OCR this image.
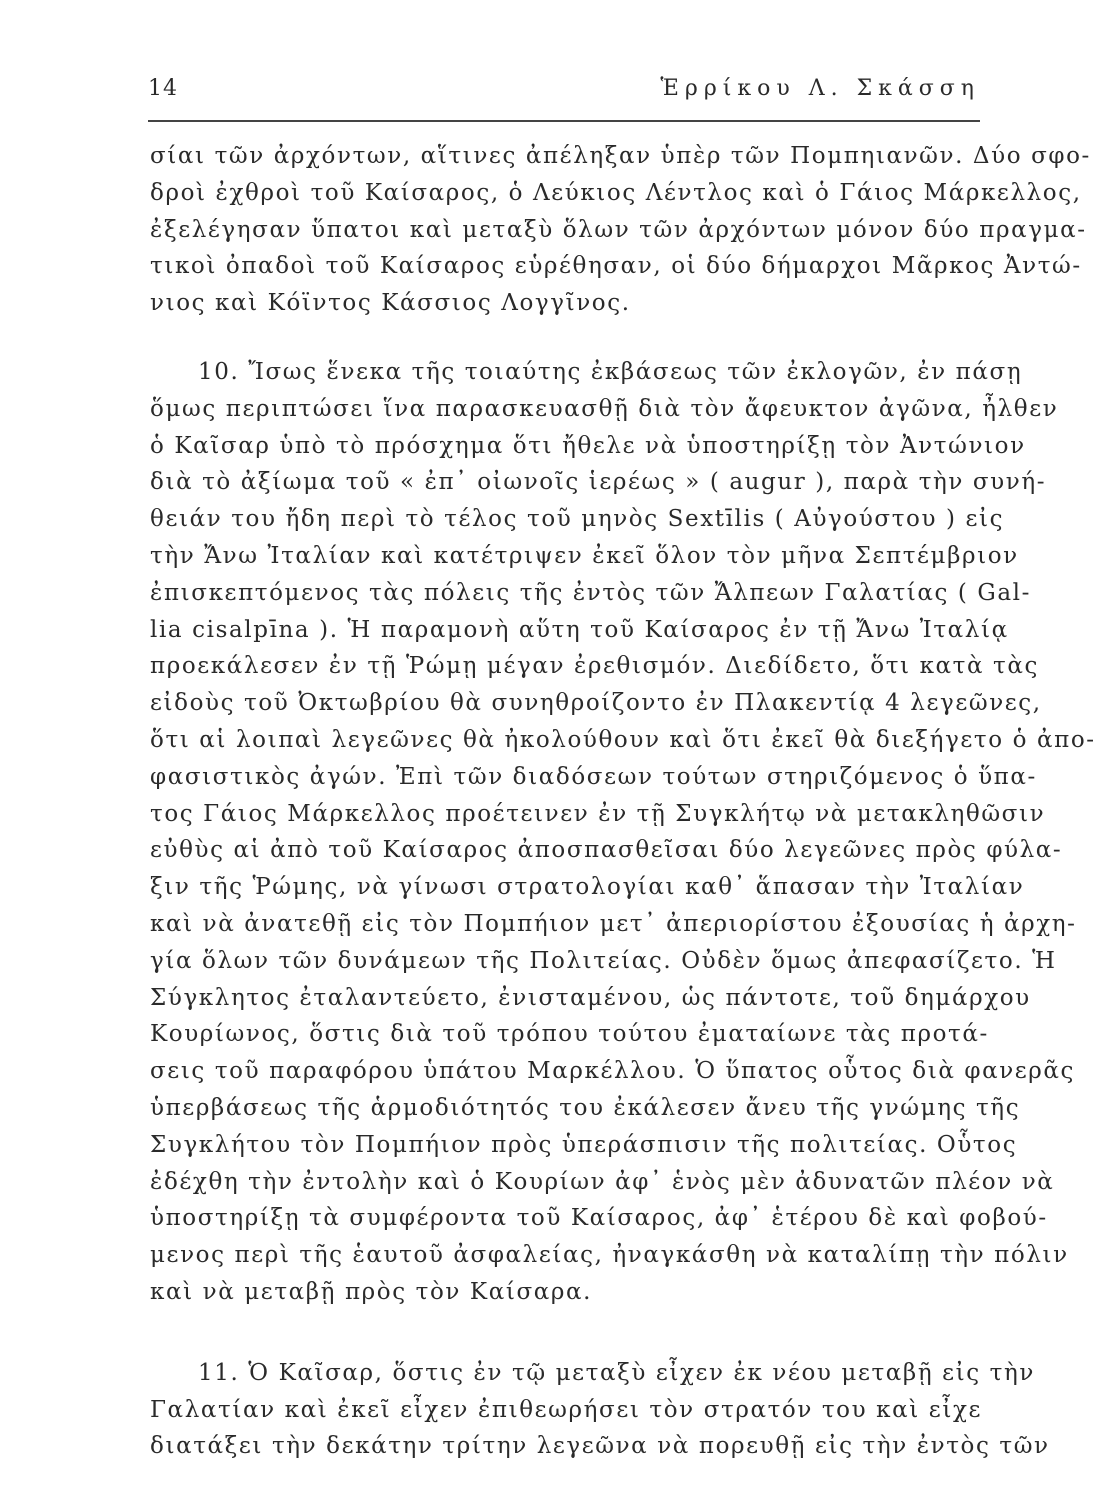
14	Ἑρρίκου Λ. Σκάσση
σίαι τῶν ἀρχόντων, αἵτινες ἀπέληξαν ὑπὲρ τῶν Πομπηιανῶν. Δύο σφο-
δροὶ ἐχθροὶ τοῦ Καίσαρος, ὁ Λεύκιος Λέντλος καὶ ὁ Γάιος Μάρκελλος,
ἐξελέγησαν ὕπατοι καὶ μεταξὺ ὅλων τῶν ἀρχόντων μόνον δύο πραγμα-
τικοὶ ὀπαδοὶ τοῦ Καίσαρος εὑρέθησαν, οἱ δύο δήμαρχοι Μᾶρκος Ἀντώ-
νιος καὶ Κόϊντος Κάσσιος Λογγῖνος.
10. Ἴσως ἕνεκα τῆς τοιαύτης ἐκβάσεως τῶν ἐκλογῶν, ἐν πάσῃ
ὅμως περιπτώσει ἵνα παρασκευασθῇ διὰ τὸν ἄφευκτον ἀγῶνα, ἦλθεν
ὁ Καῖσαρ ὑπὸ τὸ πρόσχημα ὅτι ἤθελε νὰ ὑποστηρίξῃ τὸν Ἀντώνιον
διὰ τὸ ἀξίωμα τοῦ « ἐπ᾽ οἰωνοῖς ἱερέως » ( augur ), παρὰ τὴν συνή-
θειάν του ἤδη περὶ τὸ τέλος τοῦ μηνὸς Sextīlis ( Αὐγούστου ) εἰς
τὴν Ἄνω Ἰταλίαν καὶ κατέτριψεν ἐκεῖ ὅλον τὸν μῆνα Σεπτέμβριον
ἐπισκεπτόμενος τὰς πόλεις τῆς ἐντὸς τῶν Ἄλπεων Γαλατίας ( Gal-
lia cisalpīna ). Ἡ παραμονὴ αὕτη τοῦ Καίσαρος ἐν τῇ Ἄνω Ἰταλίᾳ
προεκάλεσεν ἐν τῇ Ῥώμῃ μέγαν ἐρεθισμόν. Διεδίδετο, ὅτι κατὰ τὰς
εἰδοὺς τοῦ Ὀκτωβρίου θὰ συνηθροίζοντο ἐν Πλακεντίᾳ 4 λεγεῶνες,
ὅτι αἱ λοιπαὶ λεγεῶνες θὰ ἠκολούθουν καὶ ὅτι ἐκεῖ θὰ διεξήγετο ὁ ἀπο-
φασιστικὸς ἀγών. Ἐπὶ τῶν διαδόσεων τούτων στηριζόμενος ὁ ὕπα-
τος Γάιος Μάρκελλος προέτεινεν ἐν τῇ Συγκλήτῳ νὰ μετακληθῶσιν
εὐθὺς αἱ ἀπὸ τοῦ Καίσαρος ἀποσπασθεῖσαι δύο λεγεῶνες πρὸς φύλα-
ξιν τῆς Ῥώμης, νὰ γίνωσι στρατολογίαι καθ᾽ ἅπασαν τὴν Ἰταλίαν
καὶ νὰ ἀνατεθῇ εἰς τὸν Πομπήιον μετ᾽ ἀπεριορίστου ἐξουσίας ἡ ἀρχη-
γία ὅλων τῶν δυνάμεων τῆς Πολιτείας. Οὐδὲν ὅμως ἀπεφασίζετο. Ἡ
Σύγκλητος ἐταλαντεύετο, ἐνισταμένου, ὡς πάντοτε, τοῦ δημάρχου
Κουρίωνος, ὅστις διὰ τοῦ τρόπου τούτου ἐματαίωνε τὰς προτά-
σεις τοῦ παραφόρου ὑπάτου Μαρκέλλου. Ὁ ὕπατος οὗτος διὰ φανερᾶς
ὑπερβάσεως τῆς ἁρμοδιότητός του ἐκάλεσεν ἄνευ τῆς γνώμης τῆς
Συγκλήτου τὸν Πομπήιον πρὸς ὑπεράσπισιν τῆς πολιτείας. Οὗτος
ἐδέχθη τὴν ἐντολὴν καὶ ὁ Κουρίων ἀφ᾽ ἑνὸς μὲν ἀδυνατῶν πλέον νὰ
ὑποστηρίξῃ τὰ συμφέροντα τοῦ Καίσαρος, ἀφ᾽ ἑτέρου δὲ καὶ φοβού-
μενος περὶ τῆς ἑαυτοῦ ἀσφαλείας, ἠναγκάσθη νὰ καταλίπῃ τὴν πόλιν
καὶ νὰ μεταβῇ πρὸς τὸν Καίσαρα.
11. Ὁ Καῖσαρ, ὅστις ἐν τῷ μεταξὺ εἶχεν ἐκ νέου μεταβῇ εἰς τὴν
Γαλατίαν καὶ ἐκεῖ εἶχεν ἐπιθεωρήσει τὸν στρατόν του καὶ εἶχε
διατάξει τὴν δεκάτην τρίτην λεγεῶνα νὰ πορευθῇ εἰς τὴν ἐντὸς τῶν
